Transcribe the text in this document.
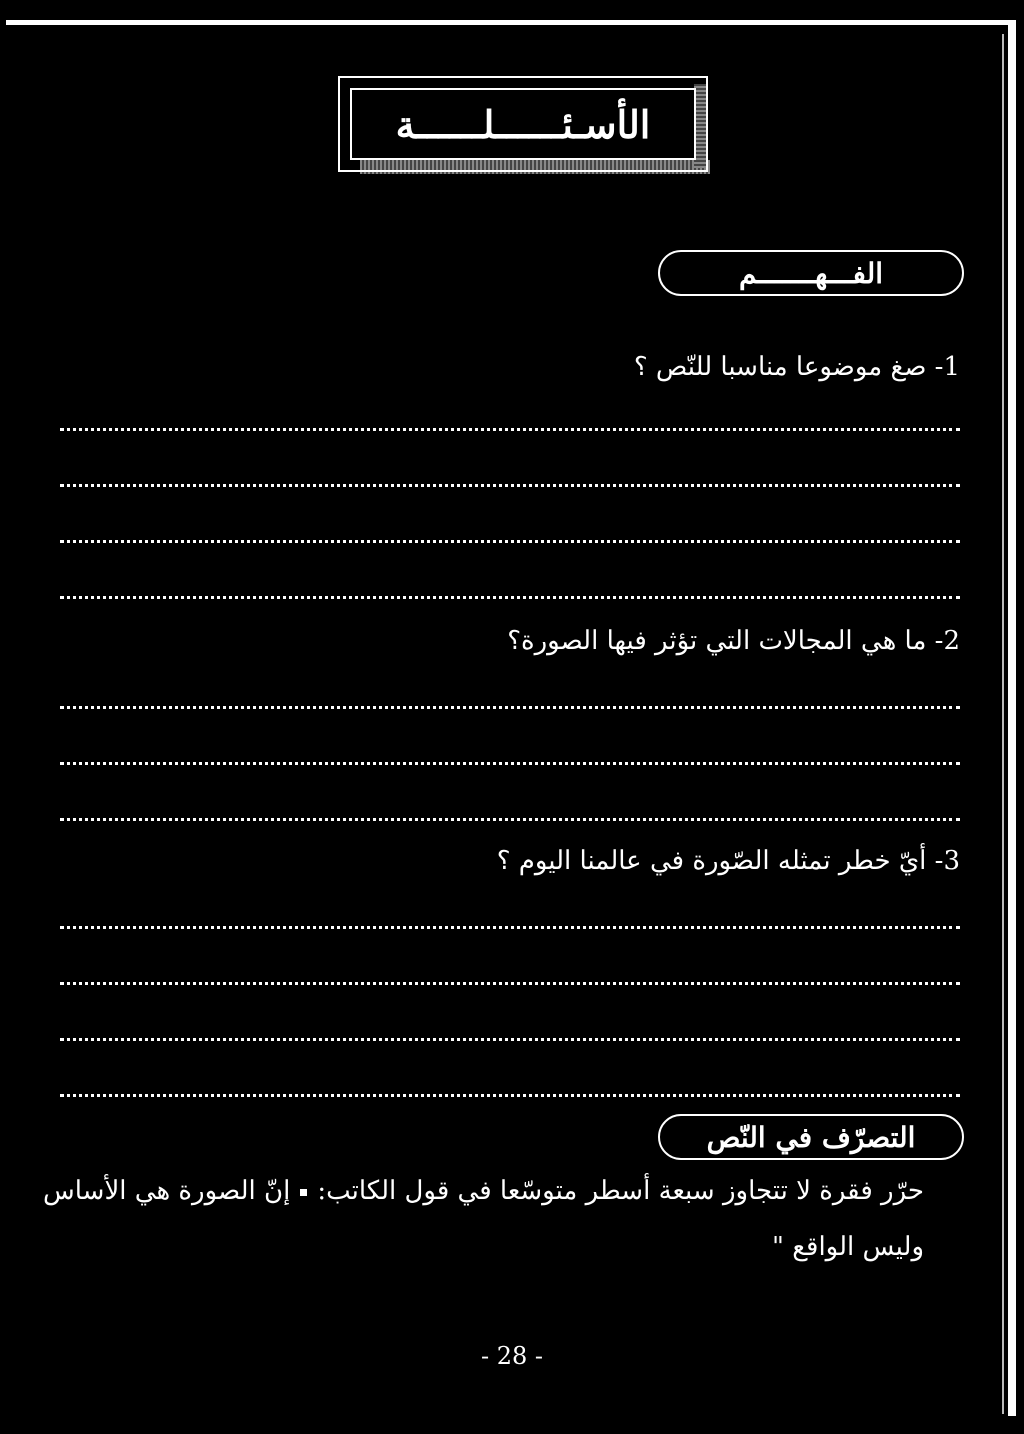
الأسـئــــــلــــــة
الفـــهـــــــم
1- صغ موضوعا مناسبا للنّص ؟
2- ما هي المجالات التي تؤثر فيها الصورة؟
3- أيّ خطر تمثله الصّورة في عالمنا اليوم ؟
التصرّف في النّص
حرّر فقرة لا تتجاوز سبعة أسطر متوسّعا في قول الكاتب:إنّ الصورة هي الأساس
وليس الواقع "
- 28 -
